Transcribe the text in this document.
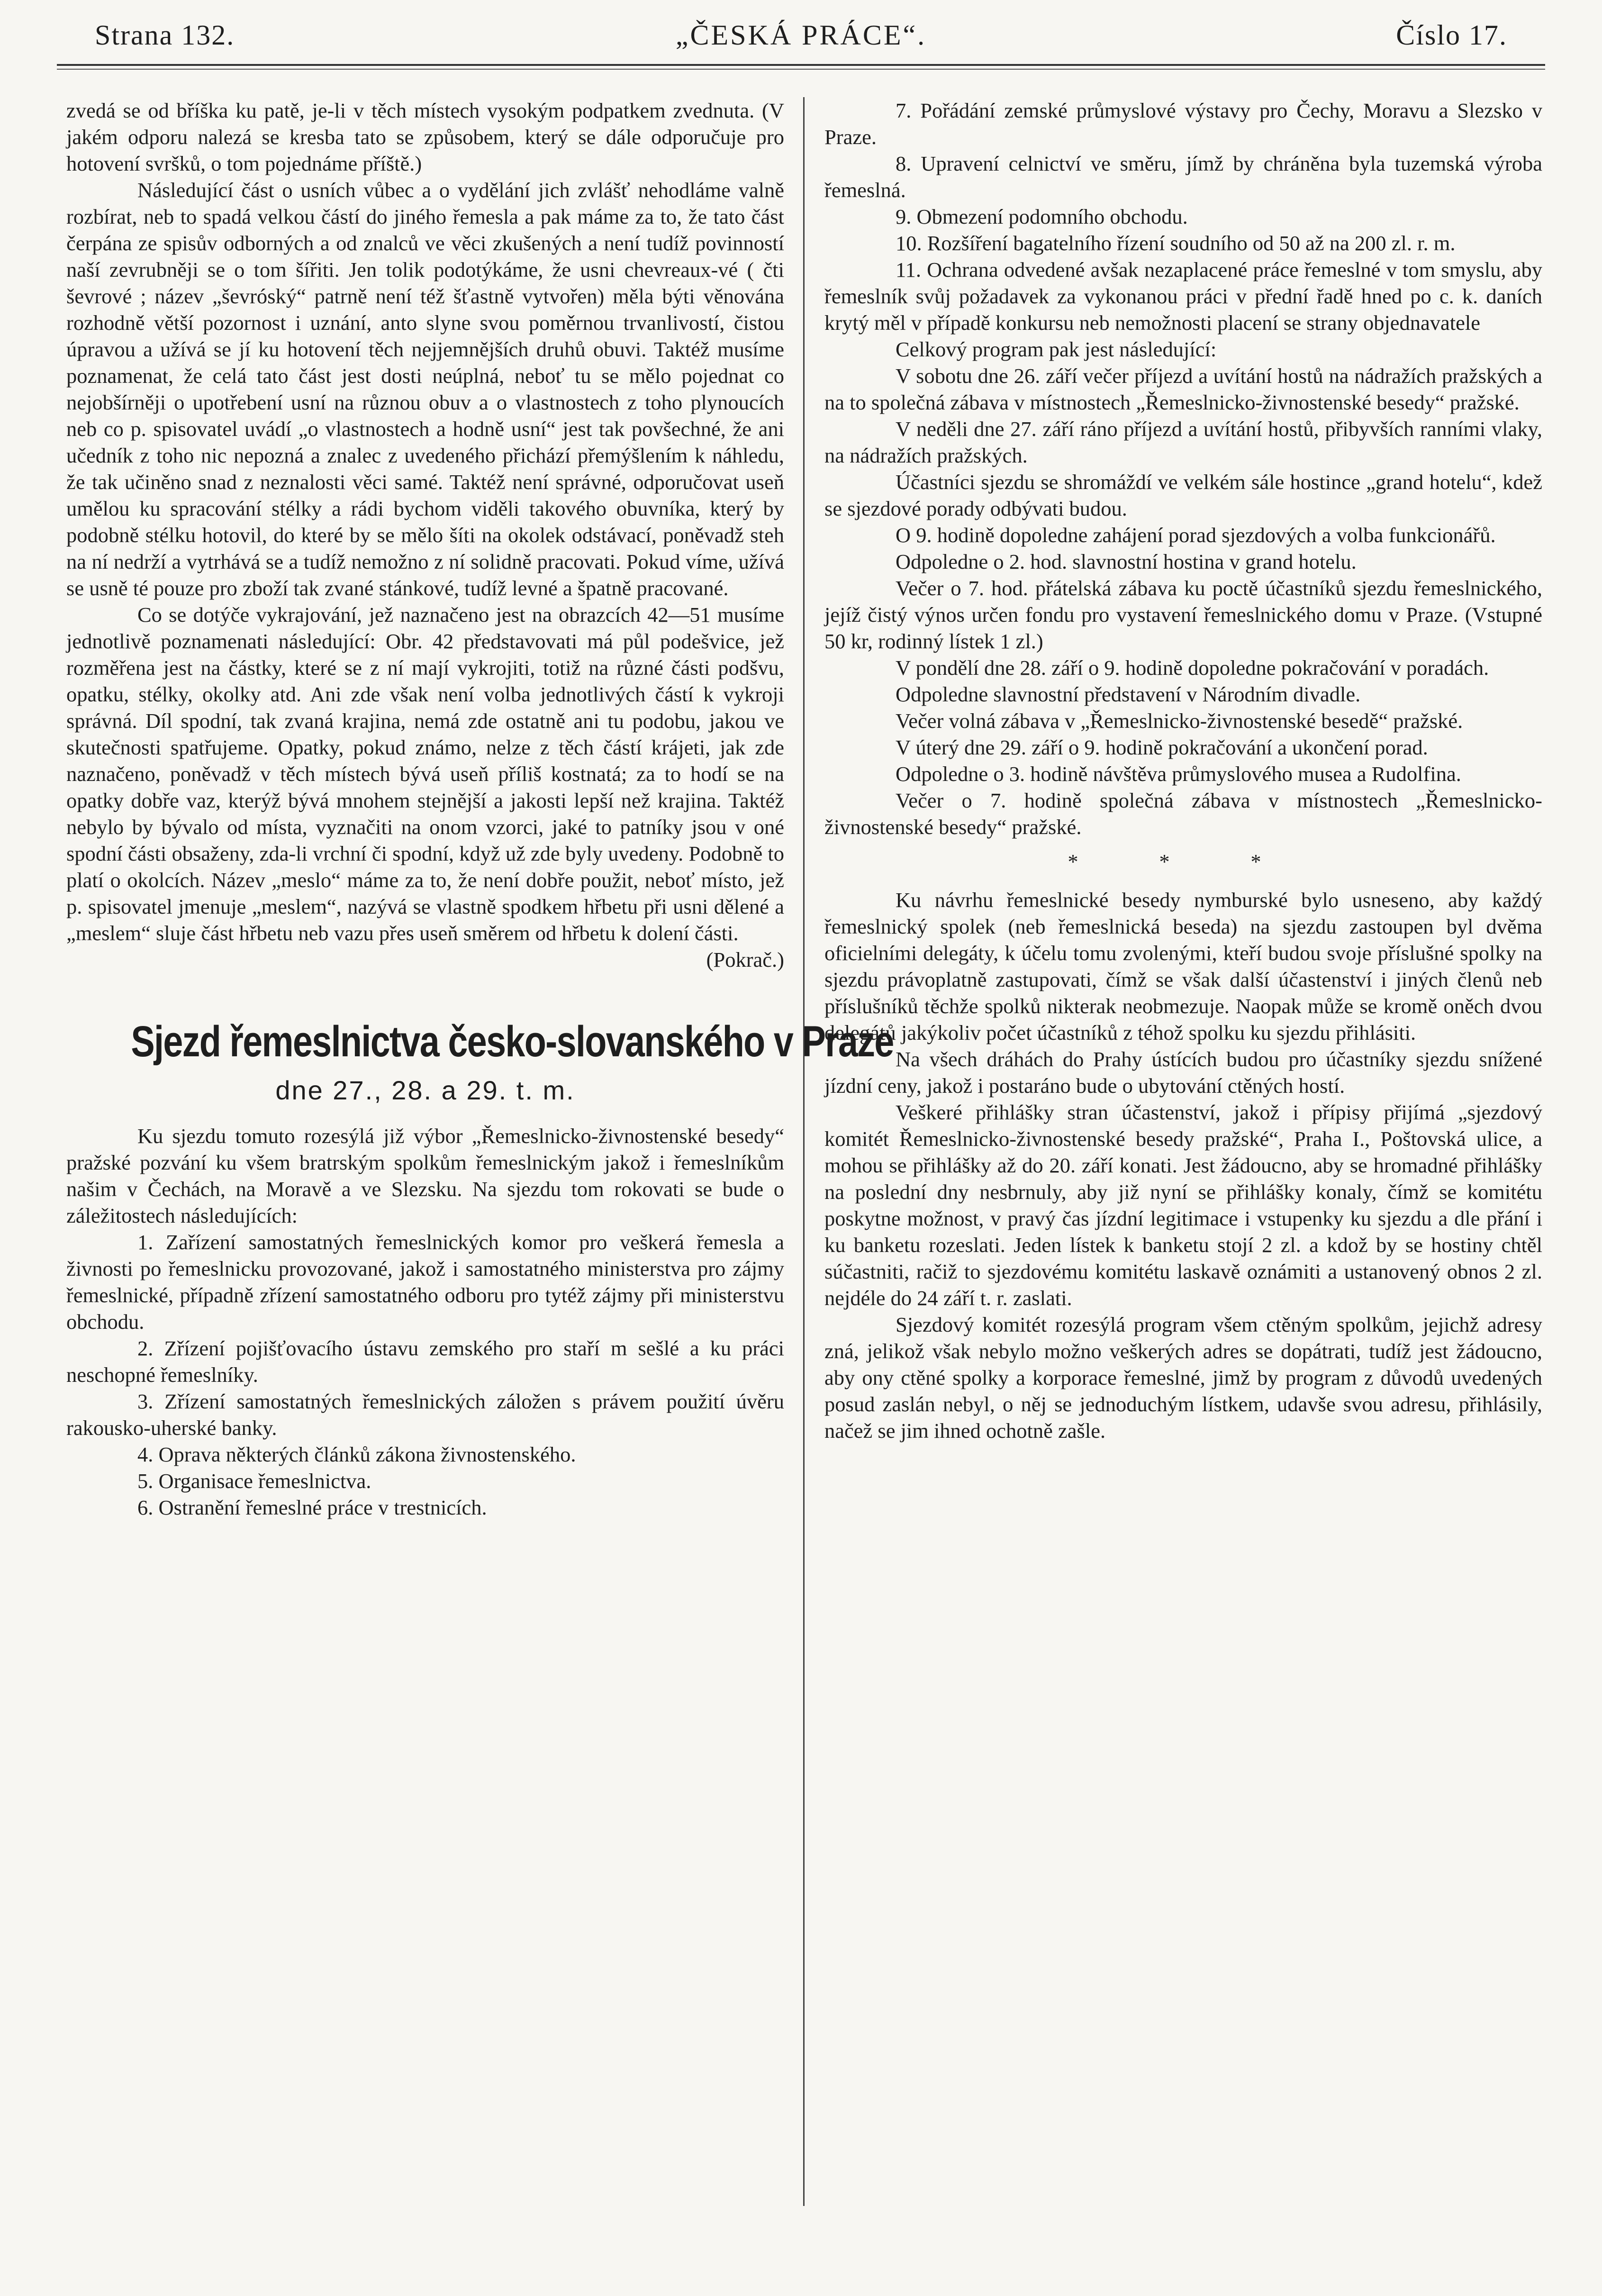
Strana 132.	„ČESKÁ PRÁCE“.	Číslo 17.

zvedá se od bříška ku patě, je-li v těch místech vysokým podpatkem zvednuta. (V jakém odporu nalezá se kresba tato se způsobem, který se dále odporučuje pro hotovení svršků, o tom pojednáme příště.)

Následující část o usních vůbec a o vydělání jich zvlášť nehodláme valně rozbírat, neb to spadá velkou částí do jiného řemesla a pak máme za to, že tato část čerpána ze spisův odborných a od znalců ve věci zkušených a není tudíž povinností naší zevrubněji se o tom šířiti. Jen tolik podotýkáme, že usni chevreaux-vé ( čti ševrové ; název „ševróský“ patrně není též šťastně vytvořen) měla býti věnována rozhodně větší pozornost i uznání, anto slyne svou poměrnou trvanlivostí, čistou úpravou a užívá se jí ku hotovení těch nejjemnějších druhů obuvi. Taktéž musíme poznamenat, že celá tato část jest dosti neúplná, neboť tu se mělo pojednat co nejobšírněji o upotřebení usní na různou obuv a o vlastnostech z toho plynoucích neb co p. spisovatel uvádí „o vlastnostech a hodně usní“ jest tak povšechné, že ani učedník z toho nic nepozná a znalec z uvedeného přichází přemýšlením k náhledu, že tak učiněno snad z neznalosti věci samé. Taktéž není správné, odporučovat useň umělou ku spracování stélky a rádi bychom viděli takového obuvníka, který by podobně stélku hotovil, do které by se mělo šíti na okolek odstávací, poněvadž steh na ní nedrží a vytrhává se a tudíž nemožno z ní solidně pracovati. Pokud víme, užívá se usně té pouze pro zboží tak zvané stánkové, tudíž levné a špatně pracované.

Co se dotýče vykrajování, jež naznačeno jest na obrazcích 42—51 musíme jednotlivě poznamenati následující: Obr. 42 představovati má půl podešvice, jež rozměřena jest na částky, které se z ní mají vykrojiti, totiž na různé části podšvu, opatku, stélky, okolky atd. Ani zde však není volba jednotlivých částí k vykroji správná. Díl spodní, tak zvaná krajina, nemá zde ostatně ani tu podobu, jakou ve skutečnosti spatřujeme. Opatky, pokud známo, nelze z těch částí krájeti, jak zde naznačeno, poněvadž v těch místech bývá useň příliš kostnatá; za to hodí se na opatky dobře vaz, kterýž bývá mnohem stejnější a jakosti lepší než krajina. Taktéž nebylo by bývalo od místa, vyznačiti na onom vzorci, jaké to patníky jsou v oné spodní části obsaženy, zda-li vrchní či spodní, když už zde byly uvedeny. Podobně to platí o okolcích. Název „meslo“ máme za to, že není dobře použit, neboť místo, jež p. spisovatel jmenuje „meslem“, nazývá se vlastně spodkem hřbetu při usni dělené a „meslem“ sluje část hřbetu neb vazu přes useň směrem od hřbetu k dolení části.

(Pokrač.)

Sjezd řemeslnictva česko-slovanského v Praze
dne 27., 28. a 29. t. m.

Ku sjezdu tomuto rozesýlá již výbor „Řemeslnicko-živnostenské besedy“ pražské pozvání ku všem bratrským spolkům řemeslnickým jakož i řemeslníkům našim v Čechách, na Moravě a ve Slezsku. Na sjezdu tom rokovati se bude o záležitostech následujících:

1. Zařízení samostatných řemeslnických komor pro veškerá řemesla a živnosti po řemeslnicku provozované, jakož i samostatného ministerstva pro zájmy řemeslnické, případně zřízení samostatného odboru pro tytéž zájmy při ministerstvu obchodu.

2. Zřízení pojišťovacího ústavu zemského pro staří m sešlé a ku práci neschopné řemeslníky.

3. Zřízení samostatných řemeslnických záložen s právem použití úvěru rakousko-uherské banky.

4. Oprava některých článků zákona živnostenského.

5. Organisace řemeslnictva.

6. Ostranění řemeslné práce v trestnicích.

7. Pořádání zemské průmyslové výstavy pro Čechy, Moravu a Slezsko v Praze.

8. Upravení celnictví ve směru, jímž by chráněna byla tuzemská výroba řemeslná.

9. Obmezení podomního obchodu.

10. Rozšíření bagatelního řízení soudního od 50 až na 200 zl. r. m.

11. Ochrana odvedené avšak nezaplacené práce řemeslné v tom smyslu, aby řemeslník svůj požadavek za vykonanou práci v přední řadě hned po c. k. daních krytý měl v případě konkursu neb nemožnosti placení se strany objednavatele

Celkový program pak jest následující:

V sobotu dne 26. září večer příjezd a uvítání hostů na nádražích pražských a na to společná zábava v místnostech „Řemeslnicko-živnostenské besedy“ pražské.

V neděli dne 27. září ráno příjezd a uvítání hostů, přibyvších ranními vlaky, na nádražích pražských.

Účastníci sjezdu se shromáždí ve velkém sále hostince „grand hotelu“, kdež se sjezdové porady odbývati budou.

O 9. hodině dopoledne zahájení porad sjezdových a volba funkcionářů.

Odpoledne o 2. hod. slavnostní hostina v grand hotelu.

Večer o 7. hod. přátelská zábava ku poctě účastníků sjezdu řemeslnického, jejíž čistý výnos určen fondu pro vystavení řemeslnického domu v Praze. (Vstupné 50 kr, rodinný lístek 1 zl.)

V pondělí dne 28. září o 9. hodině dopoledne pokračování v poradách.

Odpoledne slavnostní představení v Národním divadle.

Večer volná zábava v „Řemeslnicko-živnostenské besedě“ pražské.

V úterý dne 29. září o 9. hodině pokračování a ukončení porad.

Odpoledne o 3. hodině návštěva průmyslového musea a Rudolfina.

Večer o 7. hodině společná zábava v místnostech „Řemeslnicko-živnostenské besedy“ pražské.

* * *

Ku návrhu řemeslnické besedy nymburské bylo usneseno, aby každý řemeslnický spolek (neb řemeslnická beseda) na sjezdu zastoupen byl dvěma oficielními delegáty, k účelu tomu zvolenými, kteří budou svoje příslušné spolky na sjezdu právoplatně zastupovati, čímž se však další účastenství i jiných členů neb příslušníků těchže spolků nikterak neobmezuje. Naopak může se kromě oněch dvou delegátů jakýkoliv počet účastníků z téhož spolku ku sjezdu přihlásiti.

Na všech dráhách do Prahy ústících budou pro účastníky sjezdu snížené jízdní ceny, jakož i postaráno bude o ubytování ctěných hostí.

Veškeré přihlášky stran účastenství, jakož i přípisy přijímá „sjezdový komitét Řemeslnicko-živnostenské besedy pražské“, Praha I., Poštovská ulice, a mohou se přihlášky až do 20. září konati. Jest žádoucno, aby se hromadné přihlášky na poslední dny nesbrnuly, aby již nyní se přihlášky konaly, čímž se komitétu poskytne možnost, v pravý čas jízdní legitimace i vstupenky ku sjezdu a dle přání i ku banketu rozeslati. Jeden lístek k banketu stojí 2 zl. a kdož by se hostiny chtěl súčastniti, račiž to sjezdovému komitétu laskavě oznámiti a ustanovený obnos 2 zl. nejdéle do 24 září t. r. zaslati.

Sjezdový komitét rozesýlá program všem ctěným spolkům, jejichž adresy zná, jelikož však nebylo možno veškerých adres se dopátrati, tudíž jest žádoucno, aby ony ctěné spolky a korporace řemeslné, jimž by program z důvodů uvedených posud zaslán nebyl, o něj se jednoduchým lístkem, udavše svou adresu, přihlásily, načež se jim ihned ochotně zašle.
